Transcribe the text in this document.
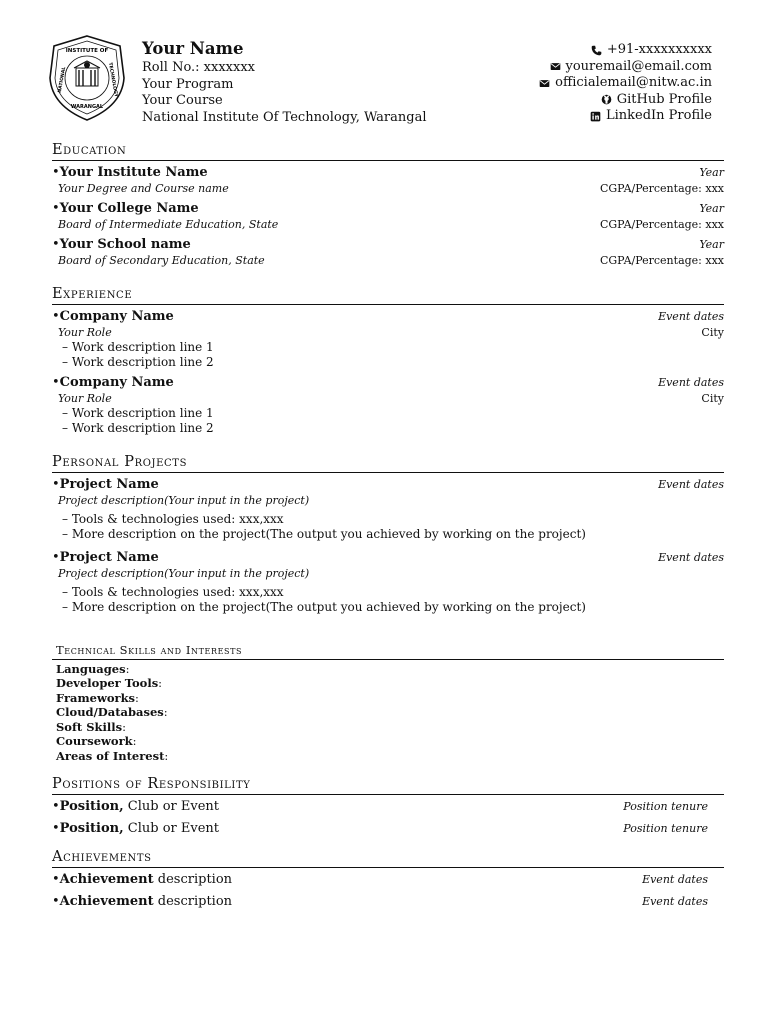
INSTITUTE OF
NATIONAL	TECHNOLOGY
WARANGAL
Your Name
Roll No.: xxxxxxx
Your Program
Your Course
National Institute Of Technology, Warangal
+91-xxxxxxxxxx
youremail@email.com
officialemail@nitw.ac.in
GitHub Profile
LinkedIn Profile
Education
•Your Institute Name	Year
Your Degree and Course name	CGPA/Percentage: xxx
•Your College Name	Year
Board of Intermediate Education, State	CGPA/Percentage: xxx
•Your School name	Year
Board of Secondary Education, State	CGPA/Percentage: xxx
Experience
•Company Name	Event dates
Your Role	City
– Work description line 1
– Work description line 2
•Company Name	Event dates
Your Role	City
– Work description line 1
– Work description line 2
Personal Projects
•Project Name	Event dates
Project description(Your input in the project)
– Tools & technologies used: xxx,xxx
– More description on the project(The output you achieved by working on the project)
•Project Name	Event dates
Project description(Your input in the project)
– Tools & technologies used: xxx,xxx
– More description on the project(The output you achieved by working on the project)
Technical Skills and Interests
Languages:
Developer Tools:
Frameworks:
Cloud/Databases:
Soft Skills:
Coursework:
Areas of Interest:
Positions of Responsibility
•Position, Club or Event	Position tenure
•Position, Club or Event	Position tenure
Achievements
•Achievement description	Event dates
•Achievement description	Event dates
